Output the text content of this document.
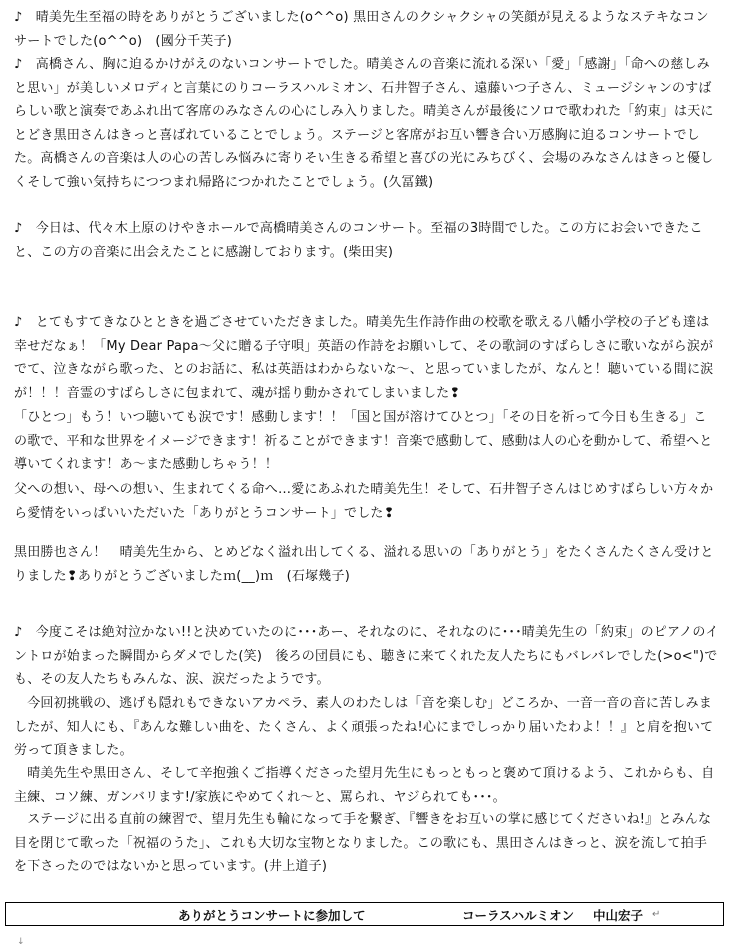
♪　晴美先生至福の時をありがとうございました(o^^o) 黒田さんのクシャクシャの笑顔が見えるようなステキなコンサートでした(o^^o)　(國分千芙子)
♪　高橋さん、胸に迫るかけがえのないコンサートでした。晴美さんの音楽に流れる深い「愛」「感謝」「命への慈しみと思い」が美しいメロディと言葉にのりコーラスハルミオン、石井智子さん、遠藤いつ子さん、ミュージシャンのすばらしい歌と演奏であふれ出て客席のみなさんの心にしみ入りました。晴美さんが最後にソロで歌われた「約束」は天にとどき黒田さんはきっと喜ばれていることでしょう。ステージと客席がお互い響き合い万感胸に迫るコンサートでした。高橋さんの音楽は人の心の苦しみ悩みに寄りそい生きる希望と喜びの光にみちびく、会場のみなさんはきっと優しくそして強い気持ちにつつまれ帰路につかれたことでしょう。(久冨鐵)
♪　今日は、代々木上原のけやきホールで高橋晴美さんのコンサート。至福の3時間でした。この方にお会いできたこと、この方の音楽に出会えたことに感謝しております。(柴田実)
♪　とてもすてきなひとときを過ごさせていただきました。晴美先生作詩作曲の校歌を歌える八幡小学校の子ども達は幸せだなぁ！「My Dear Papa～父に贈る子守唄」英語の作詩をお願いして、その歌詞のすばらしさに歌いながら涙がでて、泣きながら歌った、とのお話に、私は英語はわからないな～、と思っていましたが、なんと！聴いている間に涙が！！！音霊のすばらしさに包まれて、魂が揺り動かされてしまいました❢
「ひとつ」もう！いつ聴いても涙です！感動します！！「国と国が溶けてひとつ」「その日を祈って今日も生きる」この歌で、平和な世界をイメージできます！祈ることができます！音楽で感動して、感動は人の心を動かして、希望へと導いてくれます！あ～また感動しちゃう！！
父への想い、母への想い、生まれてくる命へ…愛にあふれた晴美先生！そして、石井智子さんはじめすばらしい方々から愛情をいっぱいいただいた「ありがとうコンサート」でした❢
黒田勝也さん！　晴美先生から、とめどなく溢れ出してくる、溢れる思いの「ありがとう」をたくさんたくさん受けとりました❢ありがとうございましたｍ(__)ｍ　(石塚幾子)
♪　今度こそは絶対泣かない!!と決めていたのに･･･あー、それなのに、それなのに･･･晴美先生の「約束」のピアノのイントロが始まった瞬間からダメでした(笑)　後ろの団員にも、聴きに来てくれた友人たちにもバレバレでした(>o<")でも、その友人たちもみんな、涙、涙だったようです。
　今回初挑戦の、逃げも隠れもできないアカペラ、素人のわたしは「音を楽しむ」どころか、一音一音の音に苦しみましたが、知人にも、『あんな難しい曲を、たくさん、よく頑張ったね!心にまでしっかり届いたわよ！！』と肩を抱いて労って頂きました。
　晴美先生や黒田さん、そして辛抱強くご指導くださった望月先生にもっともっと褒めて頂けるよう、これからも、自主練、コソ練、ガンバリます!/家族にやめてくれ～と、罵られ、ヤジられても･･･。
　ステージに出る直前の練習で、望月先生も輪になって手を繋ぎ、『響きをお互いの掌に感じてくださいね!』とみんな目を閉じて歌った「祝福のうた」、これも大切な宝物となりました。この歌にも、黒田さんはきっと、涙を流して拍手を下さったのではないかと思っています。(井上道子)
ありがとうコンサートに参加して	コーラスハルミオン 中山宏子 ↵
↓
